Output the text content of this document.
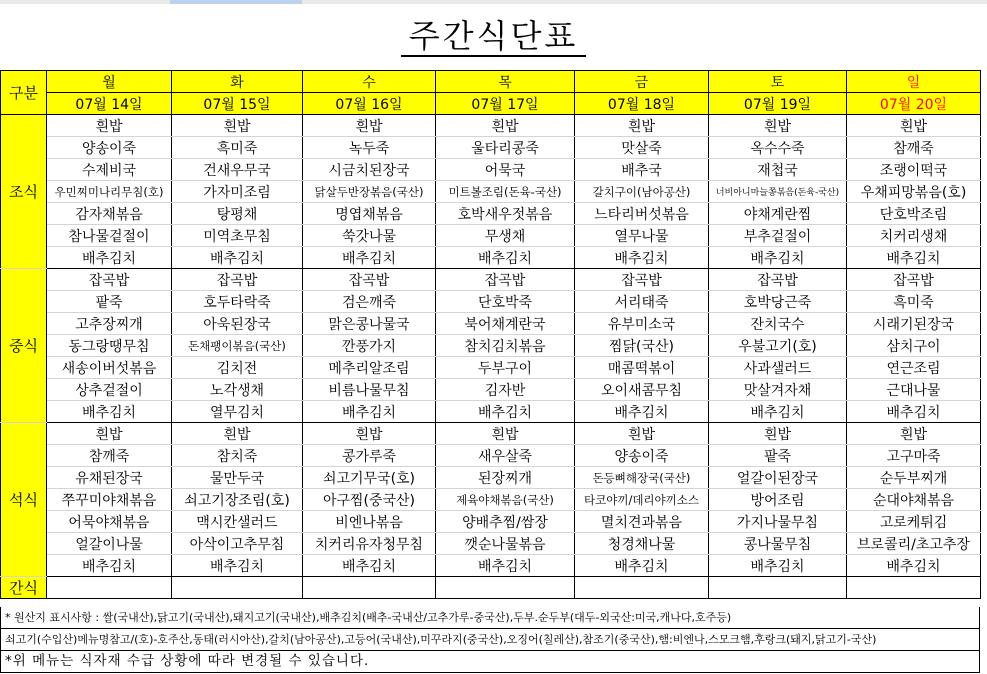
주간식단표
구분	월	화	수	목	금	토	일
	07월 14일	07월 15일	07월 16일	07월 17일	07월 18일	07월 19일	07월 20일
조식	흰밥	흰밥	흰밥	흰밥	흰밥	흰밥	흰밥
	양송이죽	흑미죽	녹두죽	울타리콩죽	맛살죽	옥수수죽	참깨죽
	수제비국	건새우무국	시금치된장국	어묵국	배추국	재첩국	조랭이떡국
	우민찌미나리무침(호)	가자미조림	닭살두반장볶음(국산)	미트볼조림(돈육-국산)	갈치구이(남아공산)	너비아니마늘쫑볶음(돈육-국산)	우채피망볶음(호)
	감자채볶음	탕평채	명엽채볶음	호박새우젓볶음	느타리버섯볶음	야채계란찜	단호박조림
	참나물겉절이	미역초무침	쑥갓나물	무생채	열무나물	부추겉절이	치커리생채
	배추김치	배추김치	배추김치	배추김치	배추김치	배추김치	배추김치
중식	잡곡밥	잡곡밥	잡곡밥	잡곡밥	잡곡밥	잡곡밥	잡곡밥
	팥죽	호두타락죽	검은깨죽	단호박죽	서리태죽	호박당근죽	흑미죽
	고추장찌개	아욱된장국	맑은콩나물국	북어채계란국	유부미소국	잔치국수	시래기된장국
	동그랑땡무침	돈채팽이볶음(국산)	깐풍가지	참치김치볶음	찜닭(국산)	우불고기(호)	삼치구이
	새송이버섯볶음	김치전	메추리알조림	두부구이	매콤떡볶이	사과샐러드	연근조림
	상추겉절이	노각생채	비름나물무침	김자반	오이새콤무침	맛살겨자채	근대나물
	배추김치	열무김치	배추김치	배추김치	배추김치	배추김치	배추김치
석식	흰밥	흰밥	흰밥	흰밥	흰밥	흰밥	흰밥
	참깨죽	참치죽	콩가루죽	새우살죽	양송이죽	팥죽	고구마죽
	유채된장국	물만두국	쇠고기무국(호)	된장찌개	돈등뼈해장국(국산)	얼갈이된장국	순두부찌개
	쭈꾸미야채볶음	쇠고기장조림(호)	아구찜(중국산)	제육야채볶음(국산)	타코야끼/데리야끼소스	방어조림	순대야채볶음
	어묵야채볶음	맥시칸샐러드	비엔나볶음	양배추찜/쌈장	멸치견과볶음	가지나물무침	고로케튀김
	얼갈이나물	아삭이고추무침	치커리유자청무침	깻순나물볶음	청경채나물	콩나물무침	브로콜리/초고추장
	배추김치	배추김치	배추김치	배추김치	배추김치	배추김치	배추김치
간식							
* 원산지 표시사항 : 쌀(국내산),닭고기(국내산),돼지고기(국내산),배추김치(배추-국내산/고추가루-중국산),두부.순두부(대두-외국산:미국,캐나다,호주등)
쇠고기(수입산)메뉴명참고/(호)-호주산,동태(러시아산),갈치(남아공산),고등어(국내산),미꾸라지(중국산),오징어(칠레산),참조기(중국산),햄:비엔나,스모크햄,후랑크(돼지,닭고기-국산)
*위 메뉴는 식자재 수급 상황에 따라 변경될 수 있습니다.
